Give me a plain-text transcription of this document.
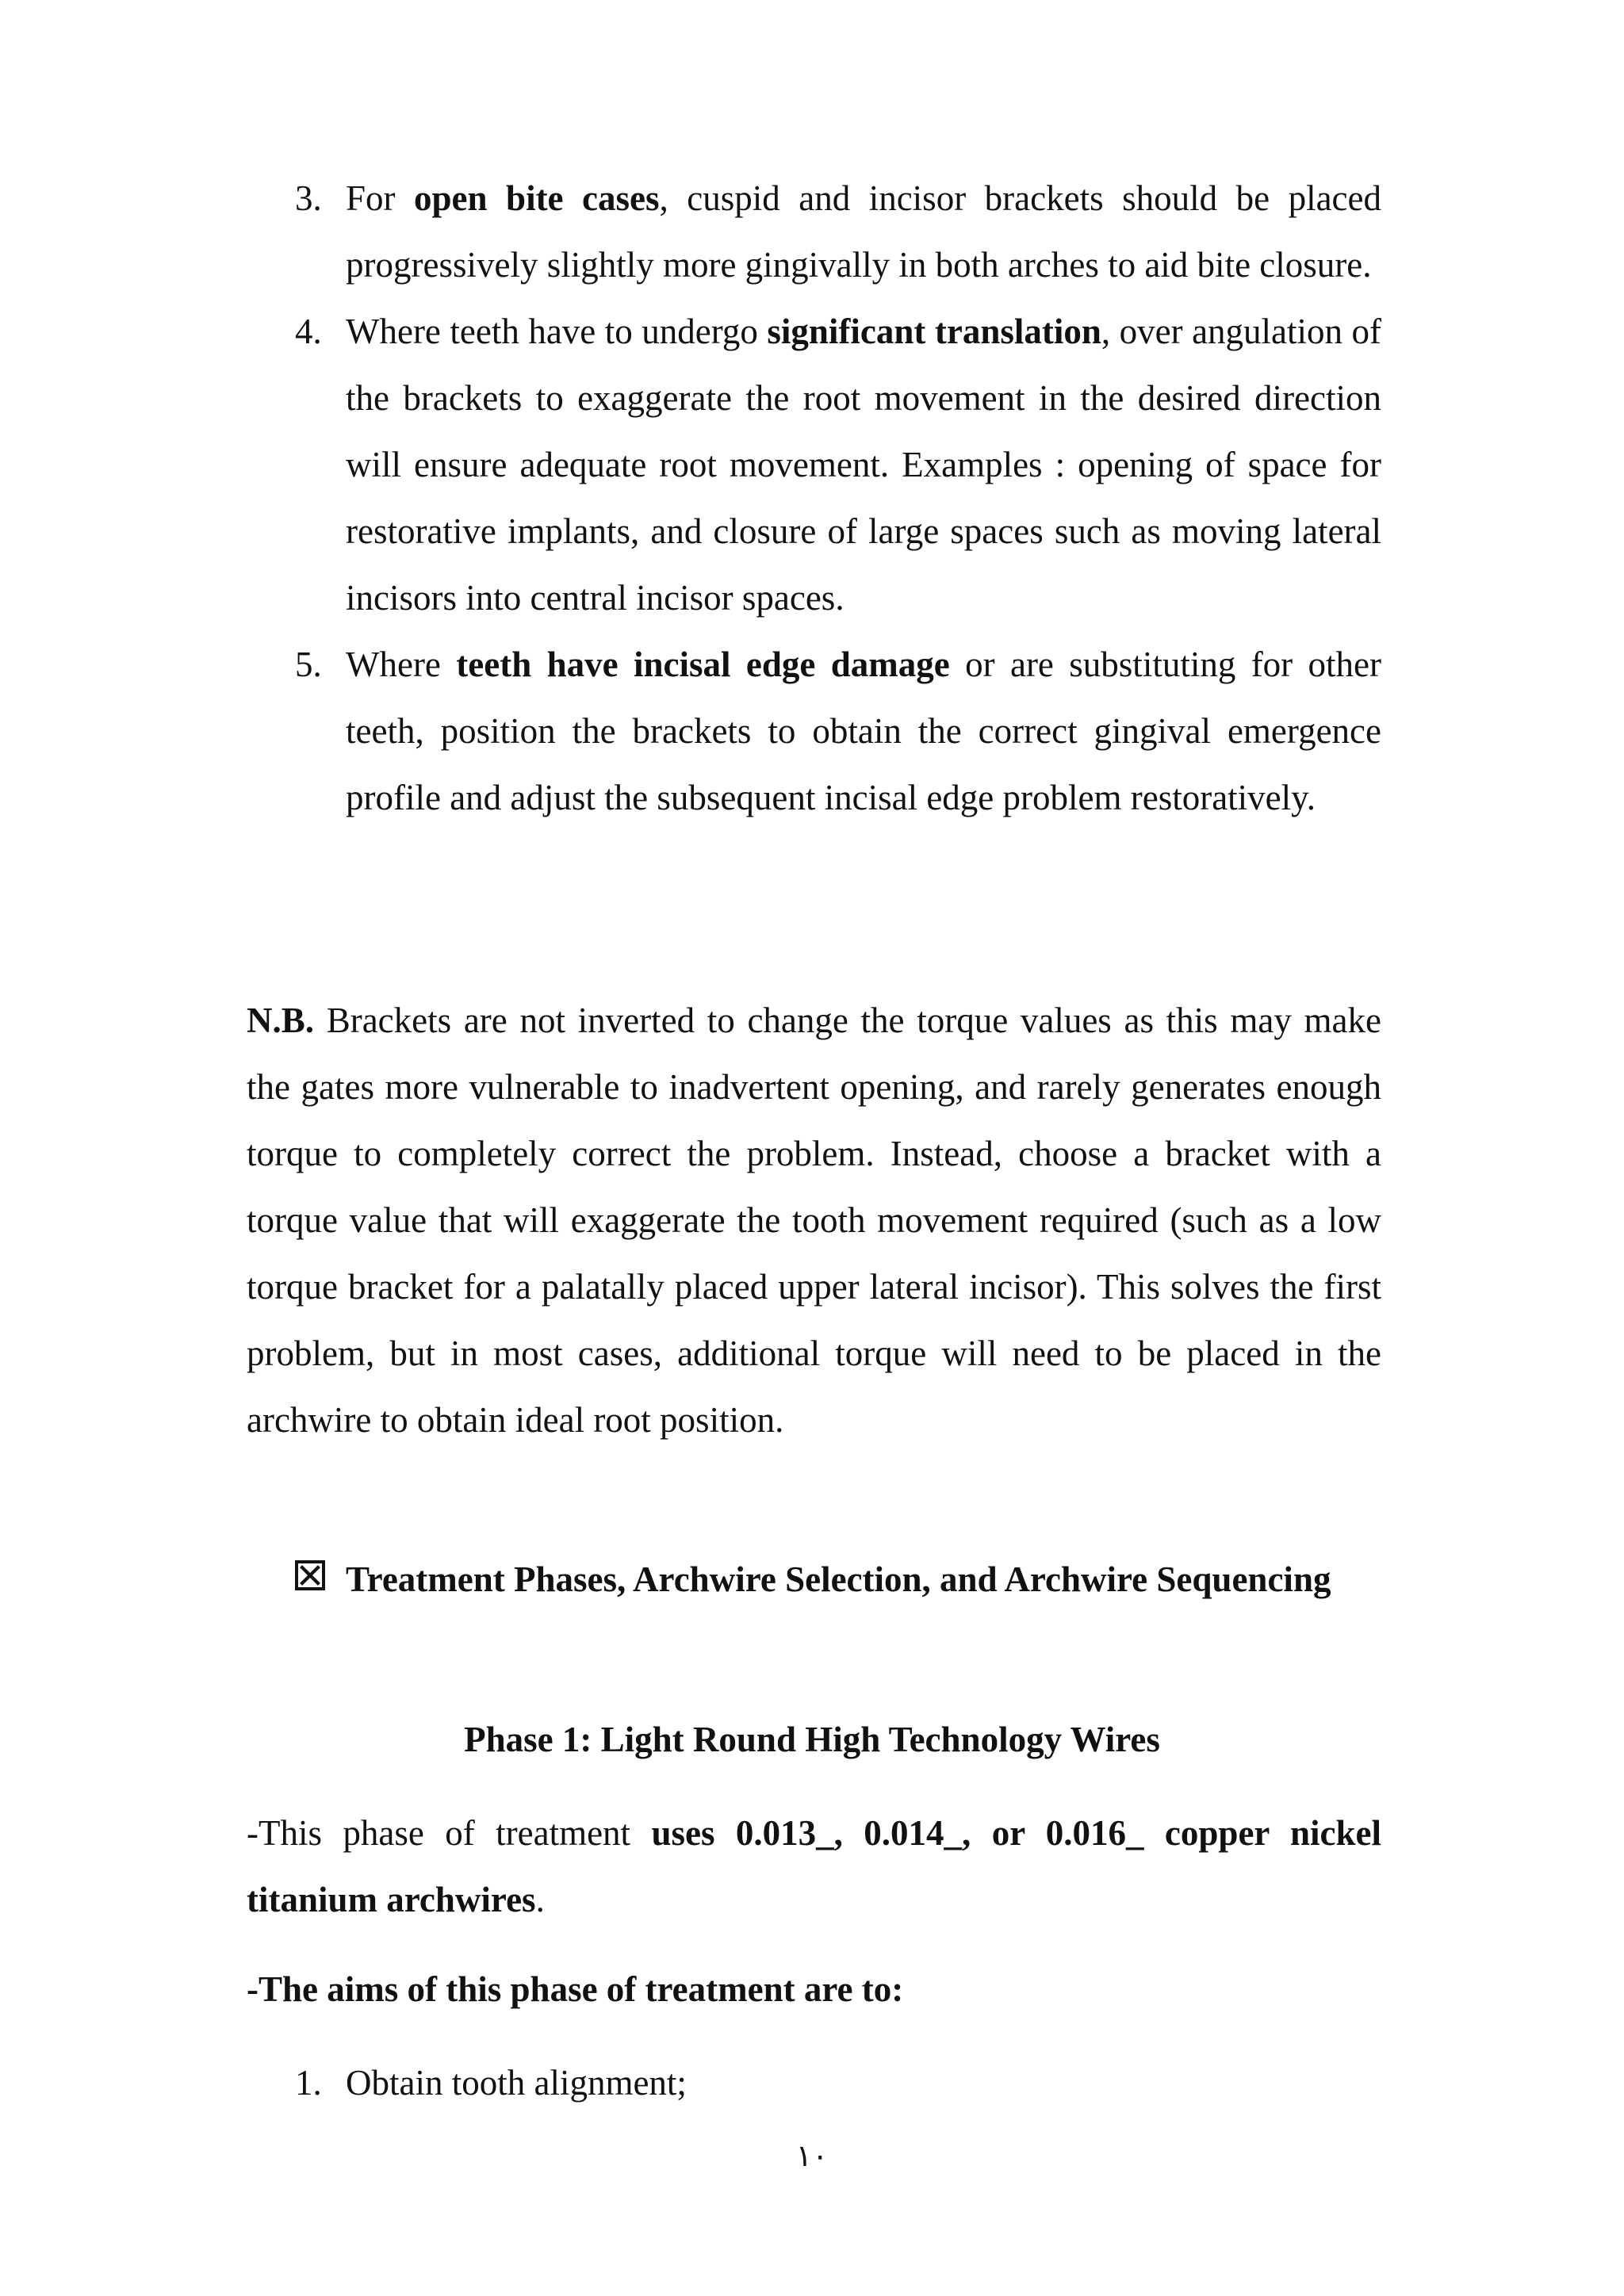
3. For open bite cases, cuspid and incisor brackets should be placed progressively slightly more gingivally in both arches to aid bite closure.
4. Where teeth have to undergo significant translation, over angulation of the brackets to exaggerate the root movement in the desired direction will ensure adequate root movement. Examples : opening of space for restorative implants, and closure of large spaces such as moving lateral incisors into central incisor spaces.
5. Where teeth have incisal edge damage or are substituting for other teeth, position the brackets to obtain the correct gingival emergence profile and adjust the subsequent incisal edge problem restoratively.
N.B. Brackets are not inverted to change the torque values as this may make the gates more vulnerable to inadvertent opening, and rarely generates enough torque to completely correct the problem. Instead, choose a bracket with a torque value that will exaggerate the tooth movement required (such as a low torque bracket for a palatally placed upper lateral incisor). This solves the first problem, but in most cases, additional torque will need to be placed in the archwire to obtain ideal root position.
Treatment Phases, Archwire Selection, and Archwire Sequencing
Phase 1: Light Round High Technology Wires
-This phase of treatment uses 0.013_, 0.014_, or 0.016_ copper nickel titanium archwires.
-The aims of this phase of treatment are to:
1. Obtain tooth alignment;
١٠
